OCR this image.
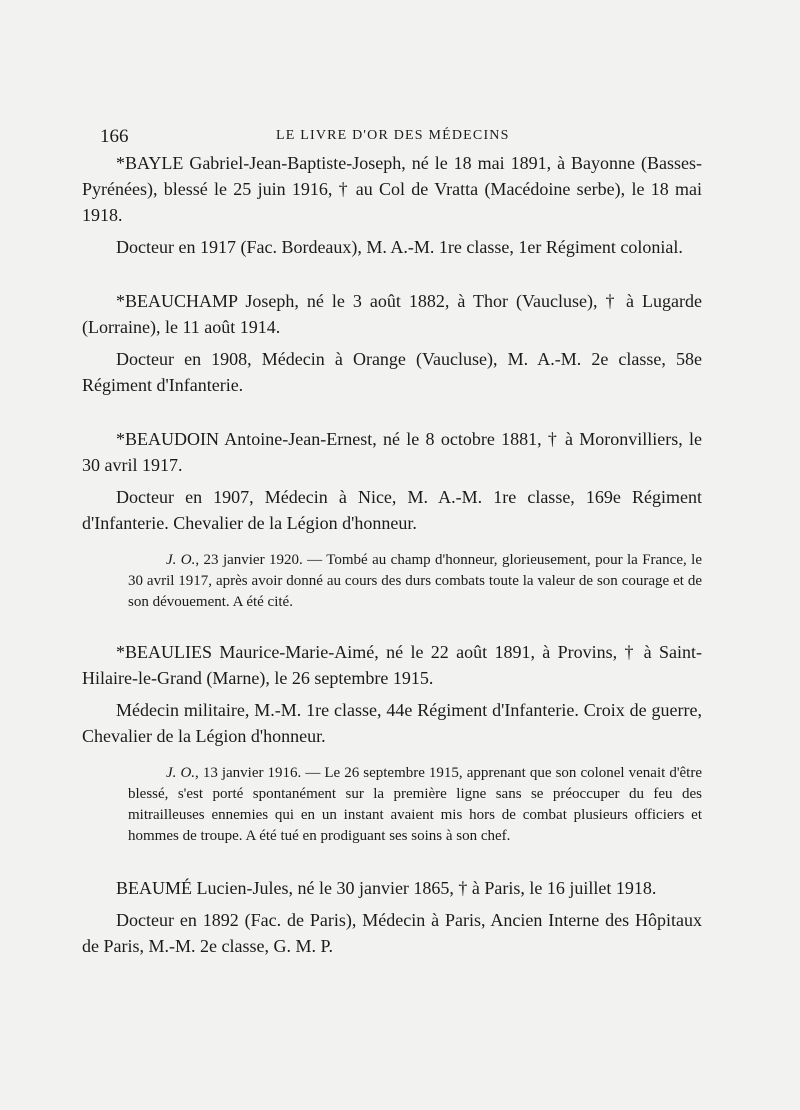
166	LE LIVRE D'OR DES MÉDECINS

*BAYLE Gabriel-Jean-Baptiste-Joseph, né le 18 mai 1891, à Bayonne (Basses-Pyrénées), blessé le 25 juin 1916, † au Col de Vratta (Macédoine serbe), le 18 mai 1918.

Docteur en 1917 (Fac. Bordeaux), M. A.-M. 1re classe, 1er Régiment colonial.

*BEAUCHAMP Joseph, né le 3 août 1882, à Thor (Vaucluse), † à Lugarde (Lorraine), le 11 août 1914.

Docteur en 1908, Médecin à Orange (Vaucluse), M. A.-M. 2e classe, 58e Régiment d'Infanterie.

*BEAUDOIN Antoine-Jean-Ernest, né le 8 octobre 1881, † à Moronvilliers, le 30 avril 1917.

Docteur en 1907, Médecin à Nice, M. A.-M. 1re classe, 169e Régiment d'Infanterie. Chevalier de la Légion d'honneur.

J. O., 23 janvier 1920. — Tombé au champ d'honneur, glorieusement, pour la France, le 30 avril 1917, après avoir donné au cours des durs combats toute la valeur de son courage et de son dévouement. A été cité.

*BEAULIES Maurice-Marie-Aimé, né le 22 août 1891, à Provins, † à Saint-Hilaire-le-Grand (Marne), le 26 septembre 1915.

Médecin militaire, M.-M. 1re classe, 44e Régiment d'Infanterie. Croix de guerre, Chevalier de la Légion d'honneur.

J. O., 13 janvier 1916. — Le 26 septembre 1915, apprenant que son colonel venait d'être blessé, s'est porté spontanément sur la première ligne sans se préoccuper du feu des mitrailleuses ennemies qui en un instant avaient mis hors de combat plusieurs officiers et hommes de troupe. A été tué en prodiguant ses soins à son chef.

BEAUMÉ Lucien-Jules, né le 30 janvier 1865, † à Paris, le 16 juillet 1918.

Docteur en 1892 (Fac. de Paris), Médecin à Paris, Ancien Interne des Hôpitaux de Paris, M.-M. 2e classe, G. M. P.
